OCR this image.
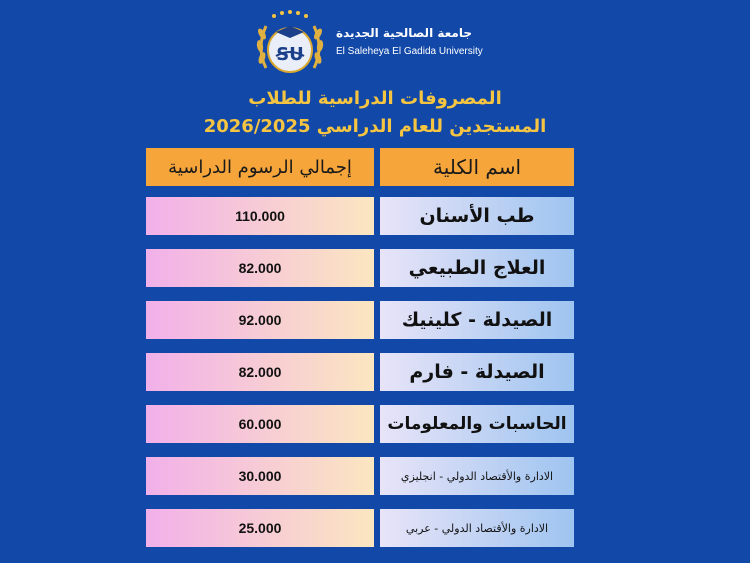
SU
جامعة الصالحية الجديدة
El Saleheya El Gadida University
المصروفات الدراسية للطلاب
المستجدين للعام الدراسي 2026/2025
إجمالي الرسوم الدراسية	اسم الكلية
110.000	طب الأسنان
82.000	العلاج الطبيعي
92.000	الصيدلة - كلينيك
82.000	الصيدلة - فارم
60.000	الحاسبات والمعلومات
30.000	الادارة والأقتصاد الدولي - انجليزي
25.000	الادارة والأقتصاد الدولي - عربي
